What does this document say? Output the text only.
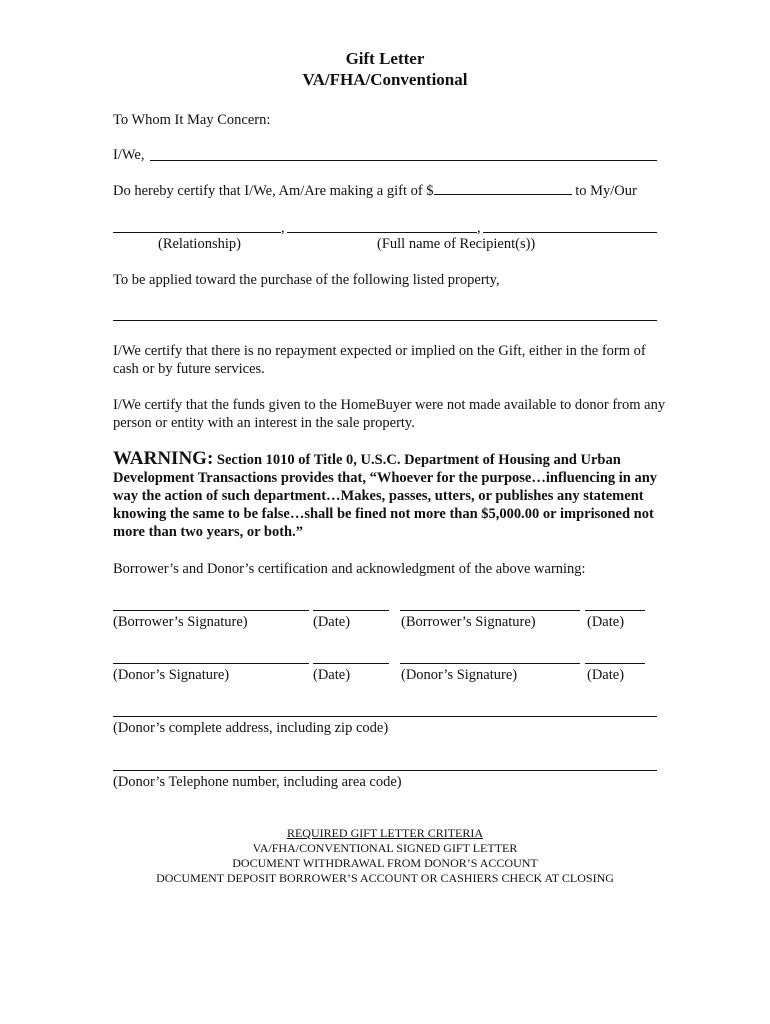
Gift Letter
VA/FHA/Conventional
To Whom It May Concern:
I/We,
Do hereby certify that I/We, Am/Are making a gift of $	to My/Our
,	,
(Relationship)	(Full name of Recipient(s))
To be applied toward the purchase of the following listed property,
I/We certify that there is no repayment expected or implied on the Gift, either in the form of cash or by future services.
I/We certify that the funds given to the HomeBuyer were not made available to donor from any person or entity with an interest in the sale property.
WARNING: Section 1010 of Title 0, U.S.C. Department of Housing and Urban Development Transactions provides that, “Whoever for the purpose…influencing in any way the action of such department…Makes, passes, utters, or publishes any statement knowing the same to be false…shall be fined not more than $5,000.00 or imprisoned not more than two years, or both.”
Borrower’s and Donor’s certification and acknowledgment of the above warning:
(Borrower’s Signature)	(Date)	(Borrower’s Signature)	(Date)
(Donor’s Signature)	(Date)	(Donor’s Signature)	(Date)
(Donor’s complete address, including zip code)
(Donor’s Telephone number, including area code)
REQUIRED GIFT LETTER CRITERIA
VA/FHA/CONVENTIONAL SIGNED GIFT LETTER
DOCUMENT WITHDRAWAL FROM DONOR’S ACCOUNT
DOCUMENT DEPOSIT BORROWER’S ACCOUNT OR CASHIERS CHECK AT CLOSING
